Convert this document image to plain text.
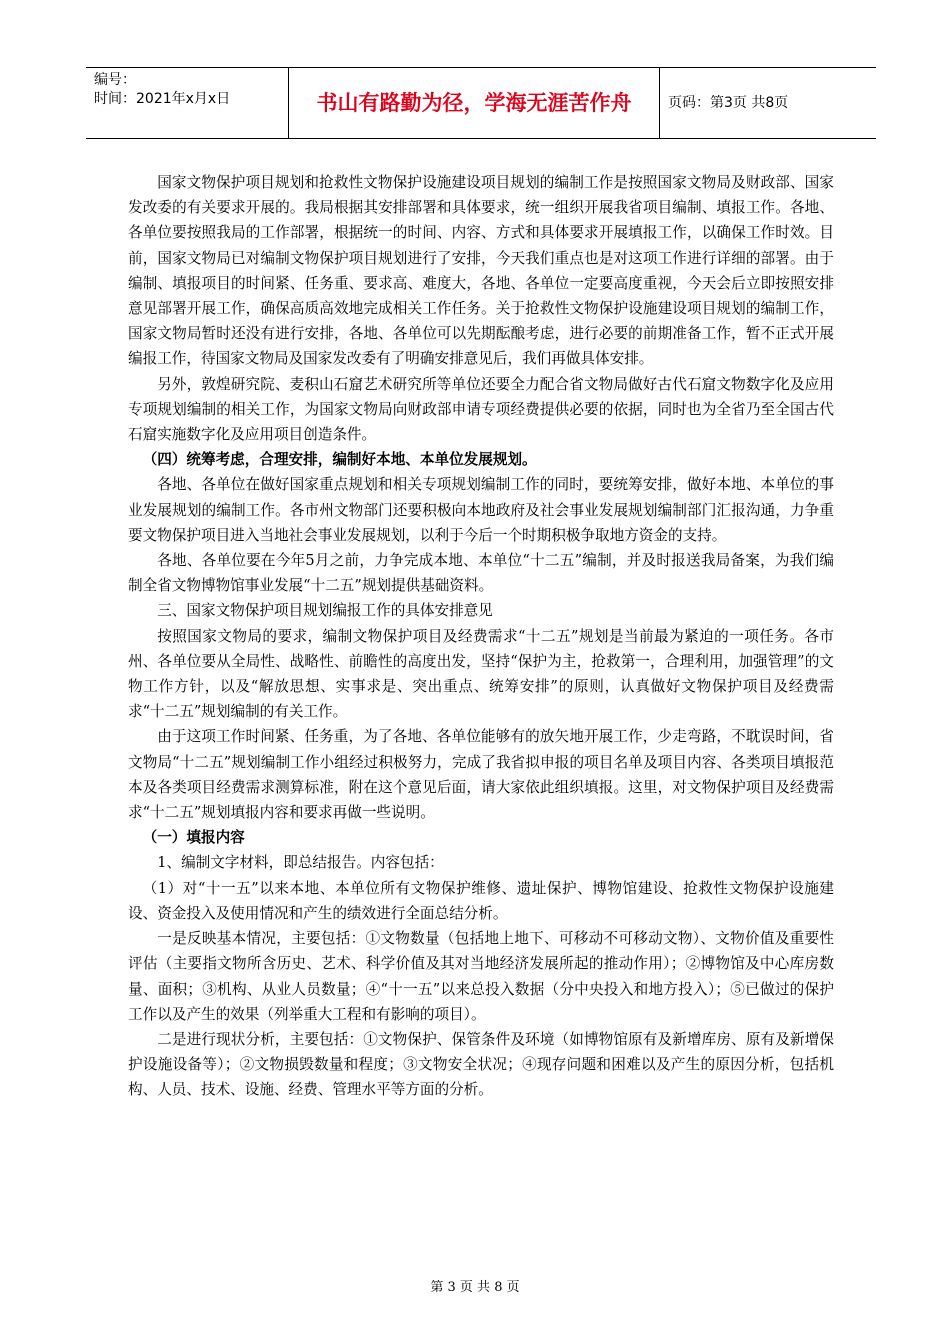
编号：
时间：2021年x月x日	书山有路勤为径，学海无涯苦作舟	页码：第3页 共8页

国家文物保护项目规划和抢救性文物保护设施建设项目规划的编制工作是按照国家文物局及财政部、国家发改委的有关要求开展的。我局根据其安排部署和具体要求，统一组织开展我省项目编制、填报工作。各地、各单位要按照我局的工作部署，根据统一的时间、内容、方式和具体要求开展填报工作，以确保工作时效。目前，国家文物局已对编制文物保护项目规划进行了安排，今天我们重点也是对这项工作进行详细的部署。由于编制、填报项目的时间紧、任务重、要求高、难度大，各地、各单位一定要高度重视，今天会后立即按照安排意见部署开展工作，确保高质高效地完成相关工作任务。关于抢救性文物保护设施建设项目规划的编制工作，国家文物局暂时还没有进行安排，各地、各单位可以先期酝酿考虑，进行必要的前期准备工作，暂不正式开展编报工作，待国家文物局及国家发改委有了明确安排意见后，我们再做具体安排。

另外，敦煌研究院、麦积山石窟艺术研究所等单位还要全力配合省文物局做好古代石窟文物数字化及应用专项规划编制的相关工作，为国家文物局向财政部申请专项经费提供必要的依据，同时也为全省乃至全国古代石窟实施数字化及应用项目创造条件。

（四）统筹考虑，合理安排，编制好本地、本单位发展规划。

各地、各单位在做好国家重点规划和相关专项规划编制工作的同时，要统筹安排，做好本地、本单位的事业发展规划的编制工作。各市州文物部门还要积极向本地政府及社会事业发展规划编制部门汇报沟通，力争重要文物保护项目进入当地社会事业发展规划，以利于今后一个时期积极争取地方资金的支持。

各地、各单位要在今年5月之前，力争完成本地、本单位“十二五”编制，并及时报送我局备案，为我们编制全省文物博物馆事业发展“十二五”规划提供基础资料。

三、国家文物保护项目规划编报工作的具体安排意见

按照国家文物局的要求，编制文物保护项目及经费需求“十二五”规划是当前最为紧迫的一项任务。各市州、各单位要从全局性、战略性、前瞻性的高度出发，坚持“保护为主，抢救第一，合理利用，加强管理”的文物工作方针，以及“解放思想、实事求是、突出重点、统筹安排”的原则，认真做好文物保护项目及经费需求“十二五”规划编制的有关工作。

由于这项工作时间紧、任务重，为了各地、各单位能够有的放矢地开展工作，少走弯路，不耽误时间，省文物局“十二五”规划编制工作小组经过积极努力，完成了我省拟申报的项目名单及项目内容、各类项目填报范本及各类项目经费需求测算标准，附在这个意见后面，请大家依此组织填报。这里，对文物保护项目及经费需求“十二五”规划填报内容和要求再做一些说明。

（一）填报内容

1、编制文字材料，即总结报告。内容包括：

（1）对“十一五”以来本地、本单位所有文物保护维修、遗址保护、博物馆建设、抢救性文物保护设施建设、资金投入及使用情况和产生的绩效进行全面总结分析。

一是反映基本情况，主要包括：①文物数量（包括地上地下、可移动不可移动文物）、文物价值及重要性评估（主要指文物所含历史、艺术、科学价值及其对当地经济发展所起的推动作用）；②博物馆及中心库房数量、面积；③机构、从业人员数量；④“十一五”以来总投入数据（分中央投入和地方投入）；⑤已做过的保护工作以及产生的效果（列举重大工程和有影响的项目）。

二是进行现状分析，主要包括：①文物保护、保管条件及环境（如博物馆原有及新增库房、原有及新增保护设施设备等）；②文物损毁数量和程度；③文物安全状况；④现存问题和困难以及产生的原因分析，包括机构、人员、技术、设施、经费、管理水平等方面的分析。

第 3 页 共 8 页
